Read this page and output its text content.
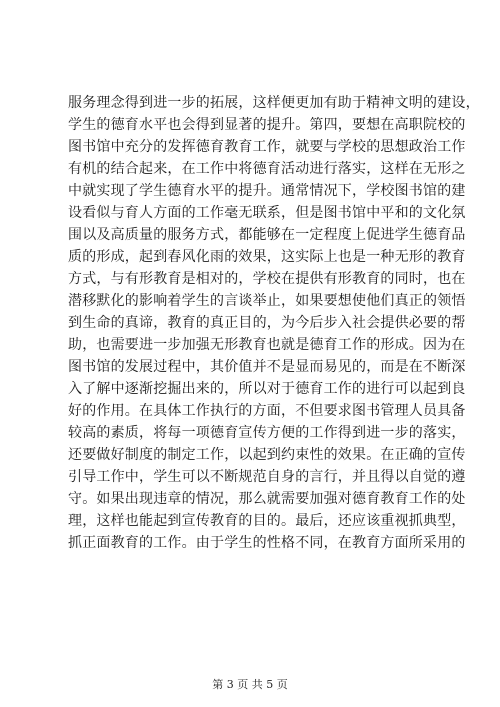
服务理念得到进一步的拓展，这样便更加有助于精神文明的建设，
学生的德育水平也会得到显著的提升。第四，要想在高职院校的
图书馆中充分的发挥德育教育工作，就要与学校的思想政治工作
有机的结合起来，在工作中将德育活动进行落实，这样在无形之
中就实现了学生德育水平的提升。通常情况下，学校图书馆的建
设看似与育人方面的工作毫无联系，但是图书馆中平和的文化氛
围以及高质量的服务方式，都能够在一定程度上促进学生德育品
质的形成，起到春风化雨的效果，这实际上也是一种无形的教育
方式，与有形教育是相对的，学校在提供有形教育的同时，也在
潜移默化的影响着学生的言谈举止，如果要想使他们真正的领悟
到生命的真谛，教育的真正目的，为今后步入社会提供必要的帮
助，也需要进一步加强无形教育也就是德育工作的形成。因为在
图书馆的发展过程中，其价值并不是显而易见的，而是在不断深
入了解中逐渐挖掘出来的，所以对于德育工作的进行可以起到良
好的作用。在具体工作执行的方面，不但要求图书管理人员具备
较高的素质，将每一项德育宣传方便的工作得到进一步的落实，
还要做好制度的制定工作，以起到约束性的效果。在正确的宣传
引导工作中，学生可以不断规范自身的言行，并且得以自觉的遵
守。如果出现违章的情况，那么就需要加强对德育教育工作的处
理，这样也能起到宣传教育的目的。最后，还应该重视抓典型，
抓正面教育的工作。由于学生的性格不同，在教育方面所采用的
第 3 页 共 5 页
